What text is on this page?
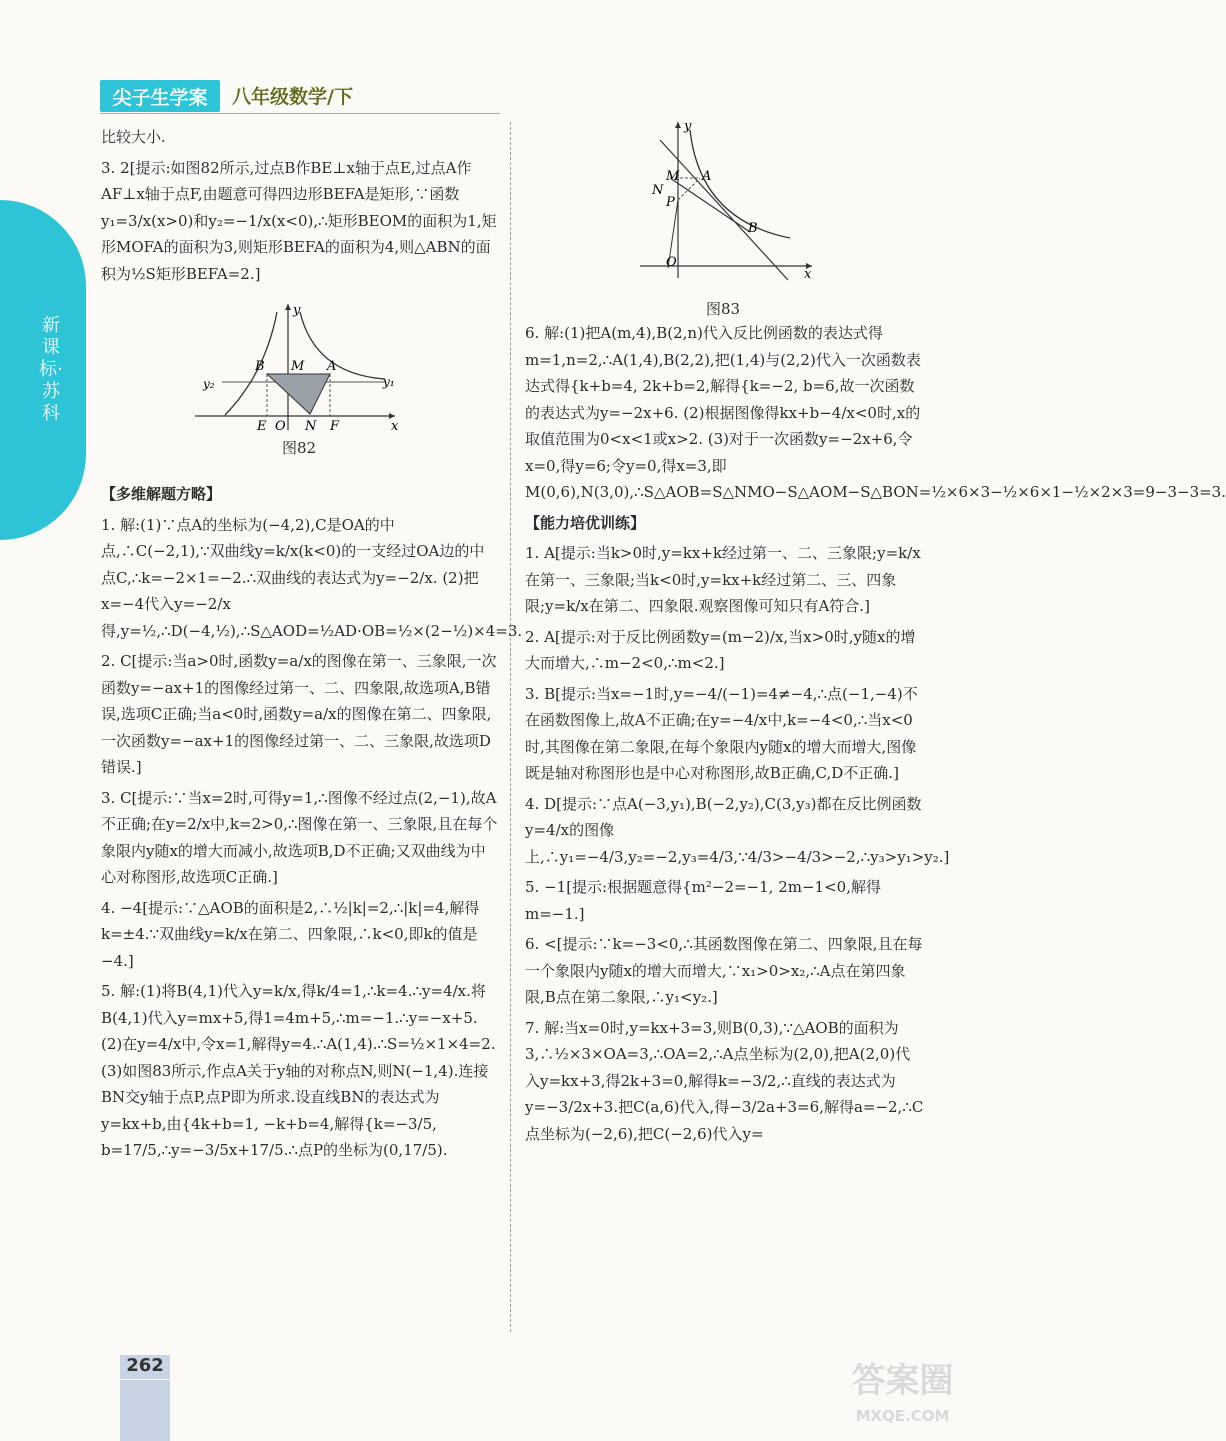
尖子生学案	八年级数学/下
新课标·苏科

比较大小.

3. 2[提示:如图82所示,过点B作BE⊥x轴于点E,过点A作AF⊥x轴于点F,由题意可得四边形BEFA是矩形,∵函数y₁=3/x(x>0)和y₂=−1/x(x<0),∴矩形BEOM的面积为1,矩形MOFA的面积为3,则矩形BEFA的面积为4,则△ABN的面积为½S矩形BEFA=2.]

【多维解题方略】

1. 解:(1)∵点A的坐标为(−4,2),C是OA的中点,∴C(−2,1),∵双曲线y=k/x(k<0)的一支经过OA边的中点C,∴k=−2×1=−2.∴双曲线的表达式为y=−2/x. (2)把x=−4代入y=−2/x得,y=½,∴D(−4,½),∴S△AOD=½AD·OB=½×(2−½)×4=3.

2. C[提示:当a>0时,函数y=a/x的图像在第一、三象限,一次函数y=−ax+1的图像经过第一、二、四象限,故选项A,B错误,选项C正确;当a<0时,函数y=a/x的图像在第二、四象限,一次函数y=−ax+1的图像经过第一、二、三象限,故选项D错误.]

3. C[提示:∵当x=2时,可得y=1,∴图像不经过点(2,−1),故A不正确;在y=2/x中,k=2>0,∴图像在第一、三象限,且在每个象限内y随x的增大而减小,故选项B,D不正确;又双曲线为中心对称图形,故选项C正确.]

4. −4[提示:∵△AOB的面积是2,∴½|k|=2,∴|k|=4,解得k=±4.∵双曲线y=k/x在第二、四象限,∴k<0,即k的值是−4.]

5. 解:(1)将B(4,1)代入y=k/x,得k/4=1,∴k=4.∴y=4/x.将B(4,1)代入y=mx+5,得1=4m+5,∴m=−1.∴y=−x+5. (2)在y=4/x中,令x=1,解得y=4.∴A(1,4).∴S=½×1×4=2. (3)如图83所示,作点A关于y轴的对称点N,则N(−1,4).连接BN交y轴于点P,点P即为所求.设直线BN的表达式为y=kx+b,由{4k+b=1, −k+b=4,解得{k=−3/5, b=17/5,∴y=−3/5x+17/5.∴点P的坐标为(0,17/5).

y
x
B M A
E O N F
y₁
y₂
图82
y
x
M A
N
P
B
O
图83

6. 解:(1)把A(m,4),B(2,n)代入反比例函数的表达式得m=1,n=2,∴A(1,4),B(2,2),把(1,4)与(2,2)代入一次函数表达式得{k+b=4, 2k+b=2,解得{k=−2, b=6,故一次函数的表达式为y=−2x+6. (2)根据图像得kx+b−4/x<0时,x的取值范围为0<x<1或x>2. (3)对于一次函数y=−2x+6,令x=0,得y=6;令y=0,得x=3,即M(0,6),N(3,0),∴S△AOB=S△NMO−S△AOM−S△BON=½×6×3−½×6×1−½×2×3=9−3−3=3.

【能力培优训练】

1. A[提示:当k>0时,y=kx+k经过第一、二、三象限;y=k/x在第一、三象限;当k<0时,y=kx+k经过第二、三、四象限;y=k/x在第二、四象限.观察图像可知只有A符合.]

2. A[提示:对于反比例函数y=(m−2)/x,当x>0时,y随x的增大而增大,∴m−2<0,∴m<2.]

3. B[提示:当x=−1时,y=−4/(−1)=4≠−4,∴点(−1,−4)不在函数图像上,故A不正确;在y=−4/x中,k=−4<0,∴当x<0时,其图像在第二象限,在每个象限内y随x的增大而增大,图像既是轴对称图形也是中心对称图形,故B正确,C,D不正确.]

4. D[提示:∵点A(−3,y₁),B(−2,y₂),C(3,y₃)都在反比例函数y=4/x的图像上,∴y₁=−4/3,y₂=−2,y₃=4/3,∵4/3>−4/3>−2,∴y₃>y₁>y₂.]

5. −1[提示:根据题意得{m²−2=−1, 2m−1<0,解得m=−1.]

6. <[提示:∵k=−3<0,∴其函数图像在第二、四象限,且在每一个象限内y随x的增大而增大,∵x₁>0>x₂,∴A点在第四象限,B点在第二象限,∴y₁<y₂.]

7. 解:当x=0时,y=kx+3=3,则B(0,3),∵△AOB的面积为3,∴½×3×OA=3,∴OA=2,∴A点坐标为(2,0),把A(2,0)代入y=kx+3,得2k+3=0,解得k=−3/2,∴直线的表达式为y=−3/2x+3.把C(a,6)代入,得−3/2a+3=6,解得a=−2,∴C点坐标为(−2,6),把C(−2,6)代入y=

262	答案圈
MXQE.COM
